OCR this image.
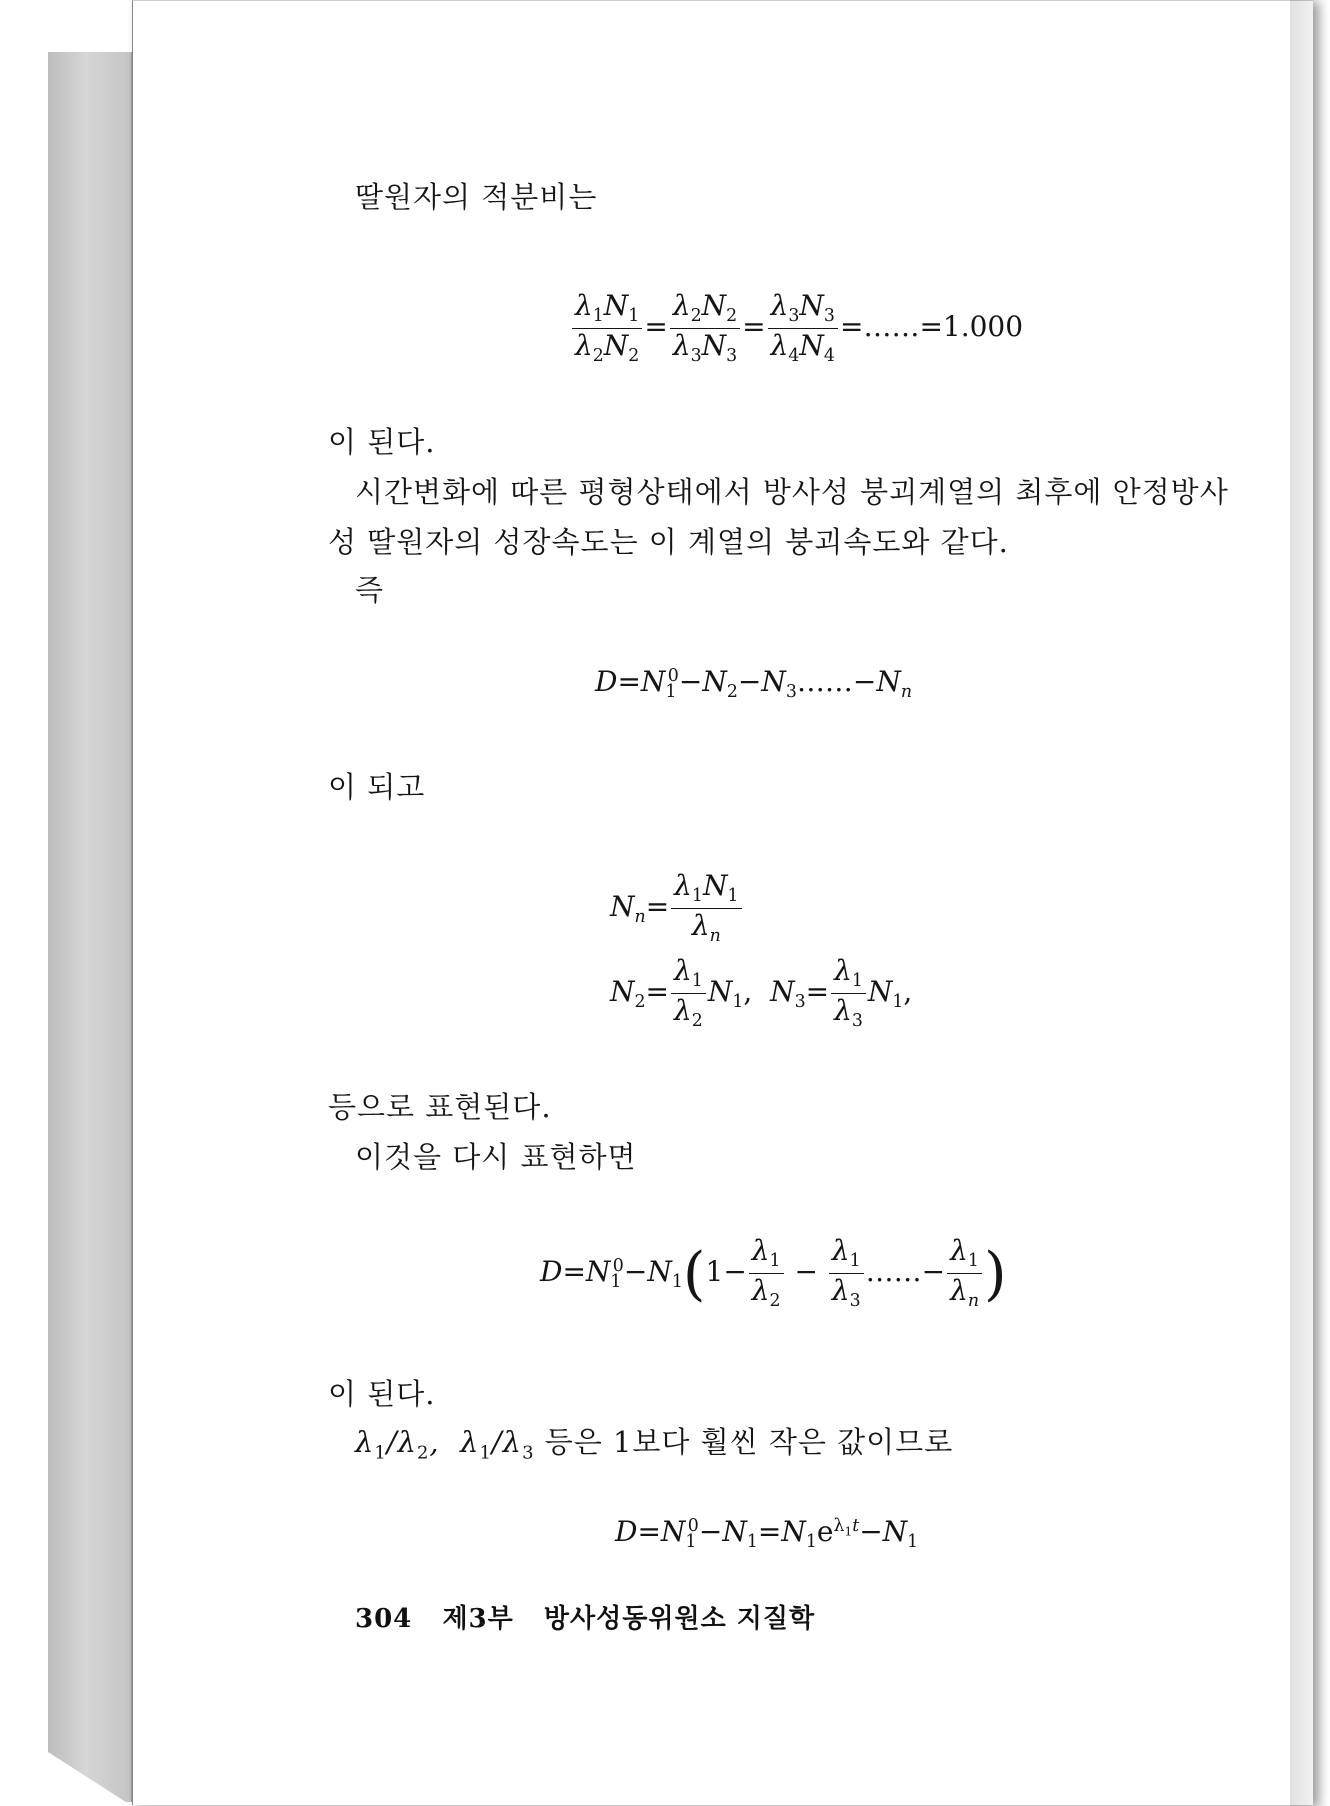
딸원자의 적분비는
$\frac{\lambda_1N_1}{\lambda_2N_2} = \frac{\lambda_2N_2}{\lambda_3N_3} = \frac{\lambda_3N_3}{\lambda_4N_4}$ =……=1.000
이 된다.
시간변화에 따른 평형상태에서 방사성 붕괴계열의 최후에 안정방사
성 딸원자의 성장속도는 이 계열의 붕괴속도와 같다.
즉
$D=N_1^0-N_2-N_3\dots\dots-N_n$
이 되고
$N_n= \frac{\lambda_1N_1}{\lambda_n}$
$N_2= \frac{\lambda_1}{\lambda_2} N_1$,  $N_3= \frac{\lambda_1}{\lambda_3} N_1$,
등으로 표현된다.
이것을 다시 표현하면
$D=N_1^0-N_1(1- \frac{\lambda_1}{\lambda_2} - \frac{\lambda_1}{\lambda_3}$ ……− $\frac{\lambda_1}{\lambda_n}$ )
이 된다.
$\lambda_1/\lambda_2$,  $\lambda_1/\lambda_3$ 등은 1보다 훨씬 작은 값이므로
$D=N_1^0-N_1=N_1e^{\lambda_1t}-N_1$
304 제3부 방사성동위원소 지질학
